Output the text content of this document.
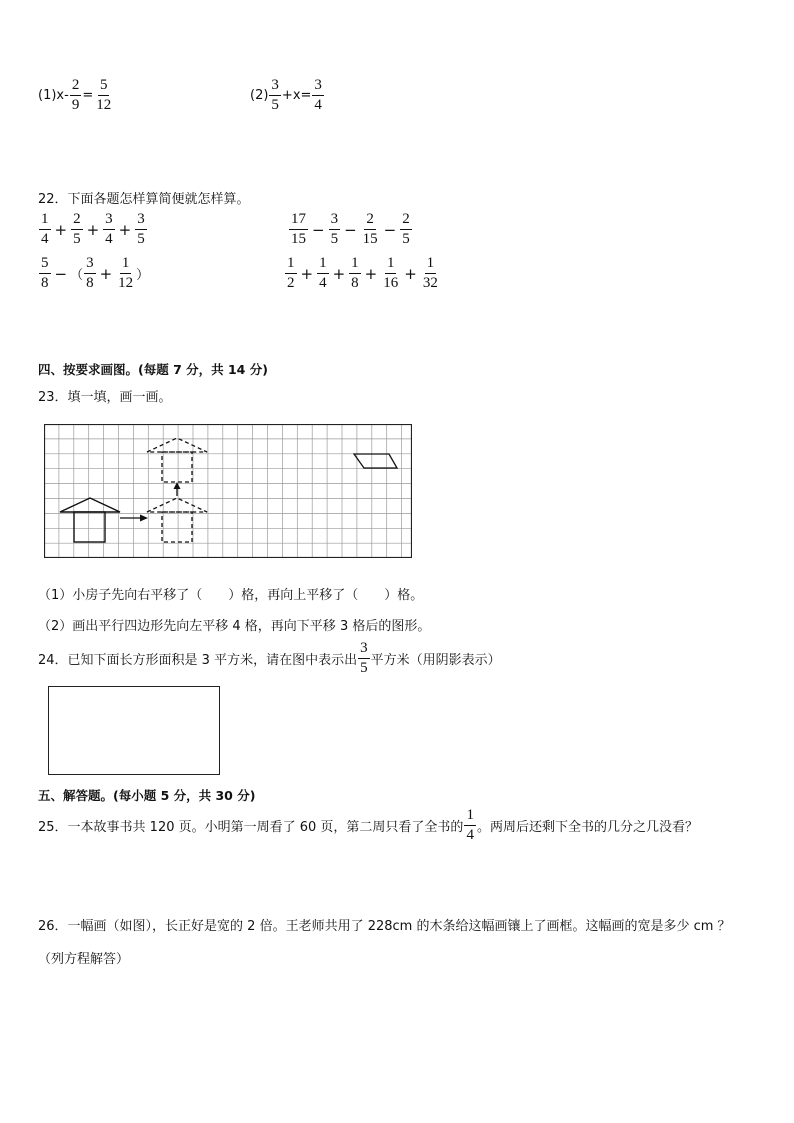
$(1)x- \frac{2}{9} = \frac{5}{12}$	$(2) \frac{3}{5} +x= \frac{3}{4}$
22．下面各题怎样算简便就怎样算。
$\frac{1}{4} + \frac{2}{5} + \frac{3}{4} + \frac{3}{5}$	$\frac{17}{15} - \frac{3}{5} - \frac{2}{15} - \frac{2}{5}$
$\frac{5}{8}$ − （ $\frac{3}{8} + \frac{1}{12}$ ）	$\frac{1}{2} + \frac{1}{4} + \frac{1}{8} + \frac{1}{16} + \frac{1}{32}$
四、按要求画图。(每题 7 分，共 14 分)
23．填一填，画一画。
（1）小房子先向右平移了（　　）格，再向上平移了（　　）格。
（2）画出平行四边形先向左平移 4 格，再向下平移 3 格后的图形。
24．已知下面长方形面积是 3 平方米，请在图中表示出 $\frac{3}{5}$ 平方米（用阴影表示）
五、解答题。(每小题 5 分，共 30 分)
25．一本故事书共 120 页。小明第一周看了 60 页，第二周只看了全书的 $\frac{1}{4}$ 。两周后还剩下全书的几分之几没看？
26．一幅画（如图），长正好是宽的 2 倍。王老师共用了 228cm 的木条给这幅画镶上了画框。这幅画的宽是多少 cm ？
（列方程解答）
